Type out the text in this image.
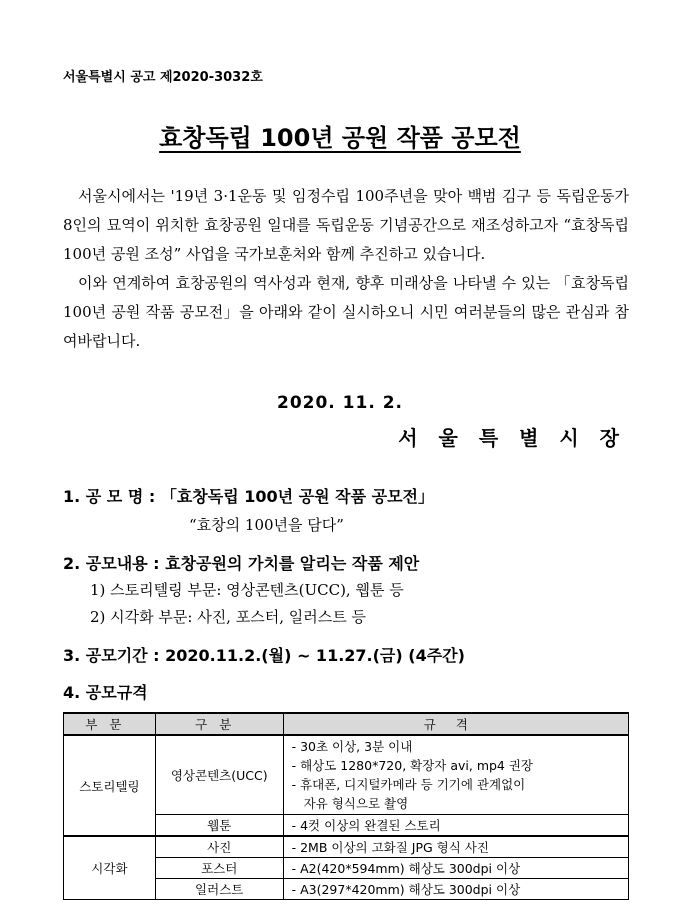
서울특별시 공고 제2020-3032호
효창독립 100년 공원 작품 공모전

서울시에서는 '19년 3·1운동 및 임정수립 100주년을 맞아 백범 김구 등 독립운동가 8인의 묘역이 위치한 효창공원 일대를 독립운동 기념공간으로 재조성하고자 “효창독립 100년 공원 조성” 사업을 국가보훈처와 함께 추진하고 있습니다.

이와 연계하여 효창공원의 역사성과 현재, 향후 미래상을 나타낼 수 있는 「효창독립 100년 공원 작품 공모전」을 아래와 같이 실시하오니 시민 여러분들의 많은 관심과 참여바랍니다.

2020. 11. 2.
서 울 특 별 시 장
1. 공 모 명 : 「효창독립 100년 공원 작품 공모전」
“효창의 100년을 담다”
2. 공모내용 : 효창공원의 가치를 알리는 작품 제안
1) 스토리텔링 부문: 영상콘텐츠(UCC), 웹툰 등
2) 시각화 부문: 사진, 포스터, 일러스트 등
3. 공모기간 : 2020.11.2.(월) ~ 11.27.(금) (4주간)
4. 공모규격
부문	구분	규격
스토리텔링	영상콘텐츠(UCC)	- 30초 이상, 3분 이내
- 해상도 1280*720, 확장자 avi, mp4 권장
- 휴대폰, 디지털카메라 등 기기에 관계없이
자유 형식으로 촬영

	웹툰	- 4컷 이상의 완결된 스토리
시각화	사진	- 2MB 이상의 고화질 JPG 형식 사진
	포스터	- A2(420*594mm) 해상도 300dpi 이상
	일러스트	- A3(297*420mm) 해상도 300dpi 이상
